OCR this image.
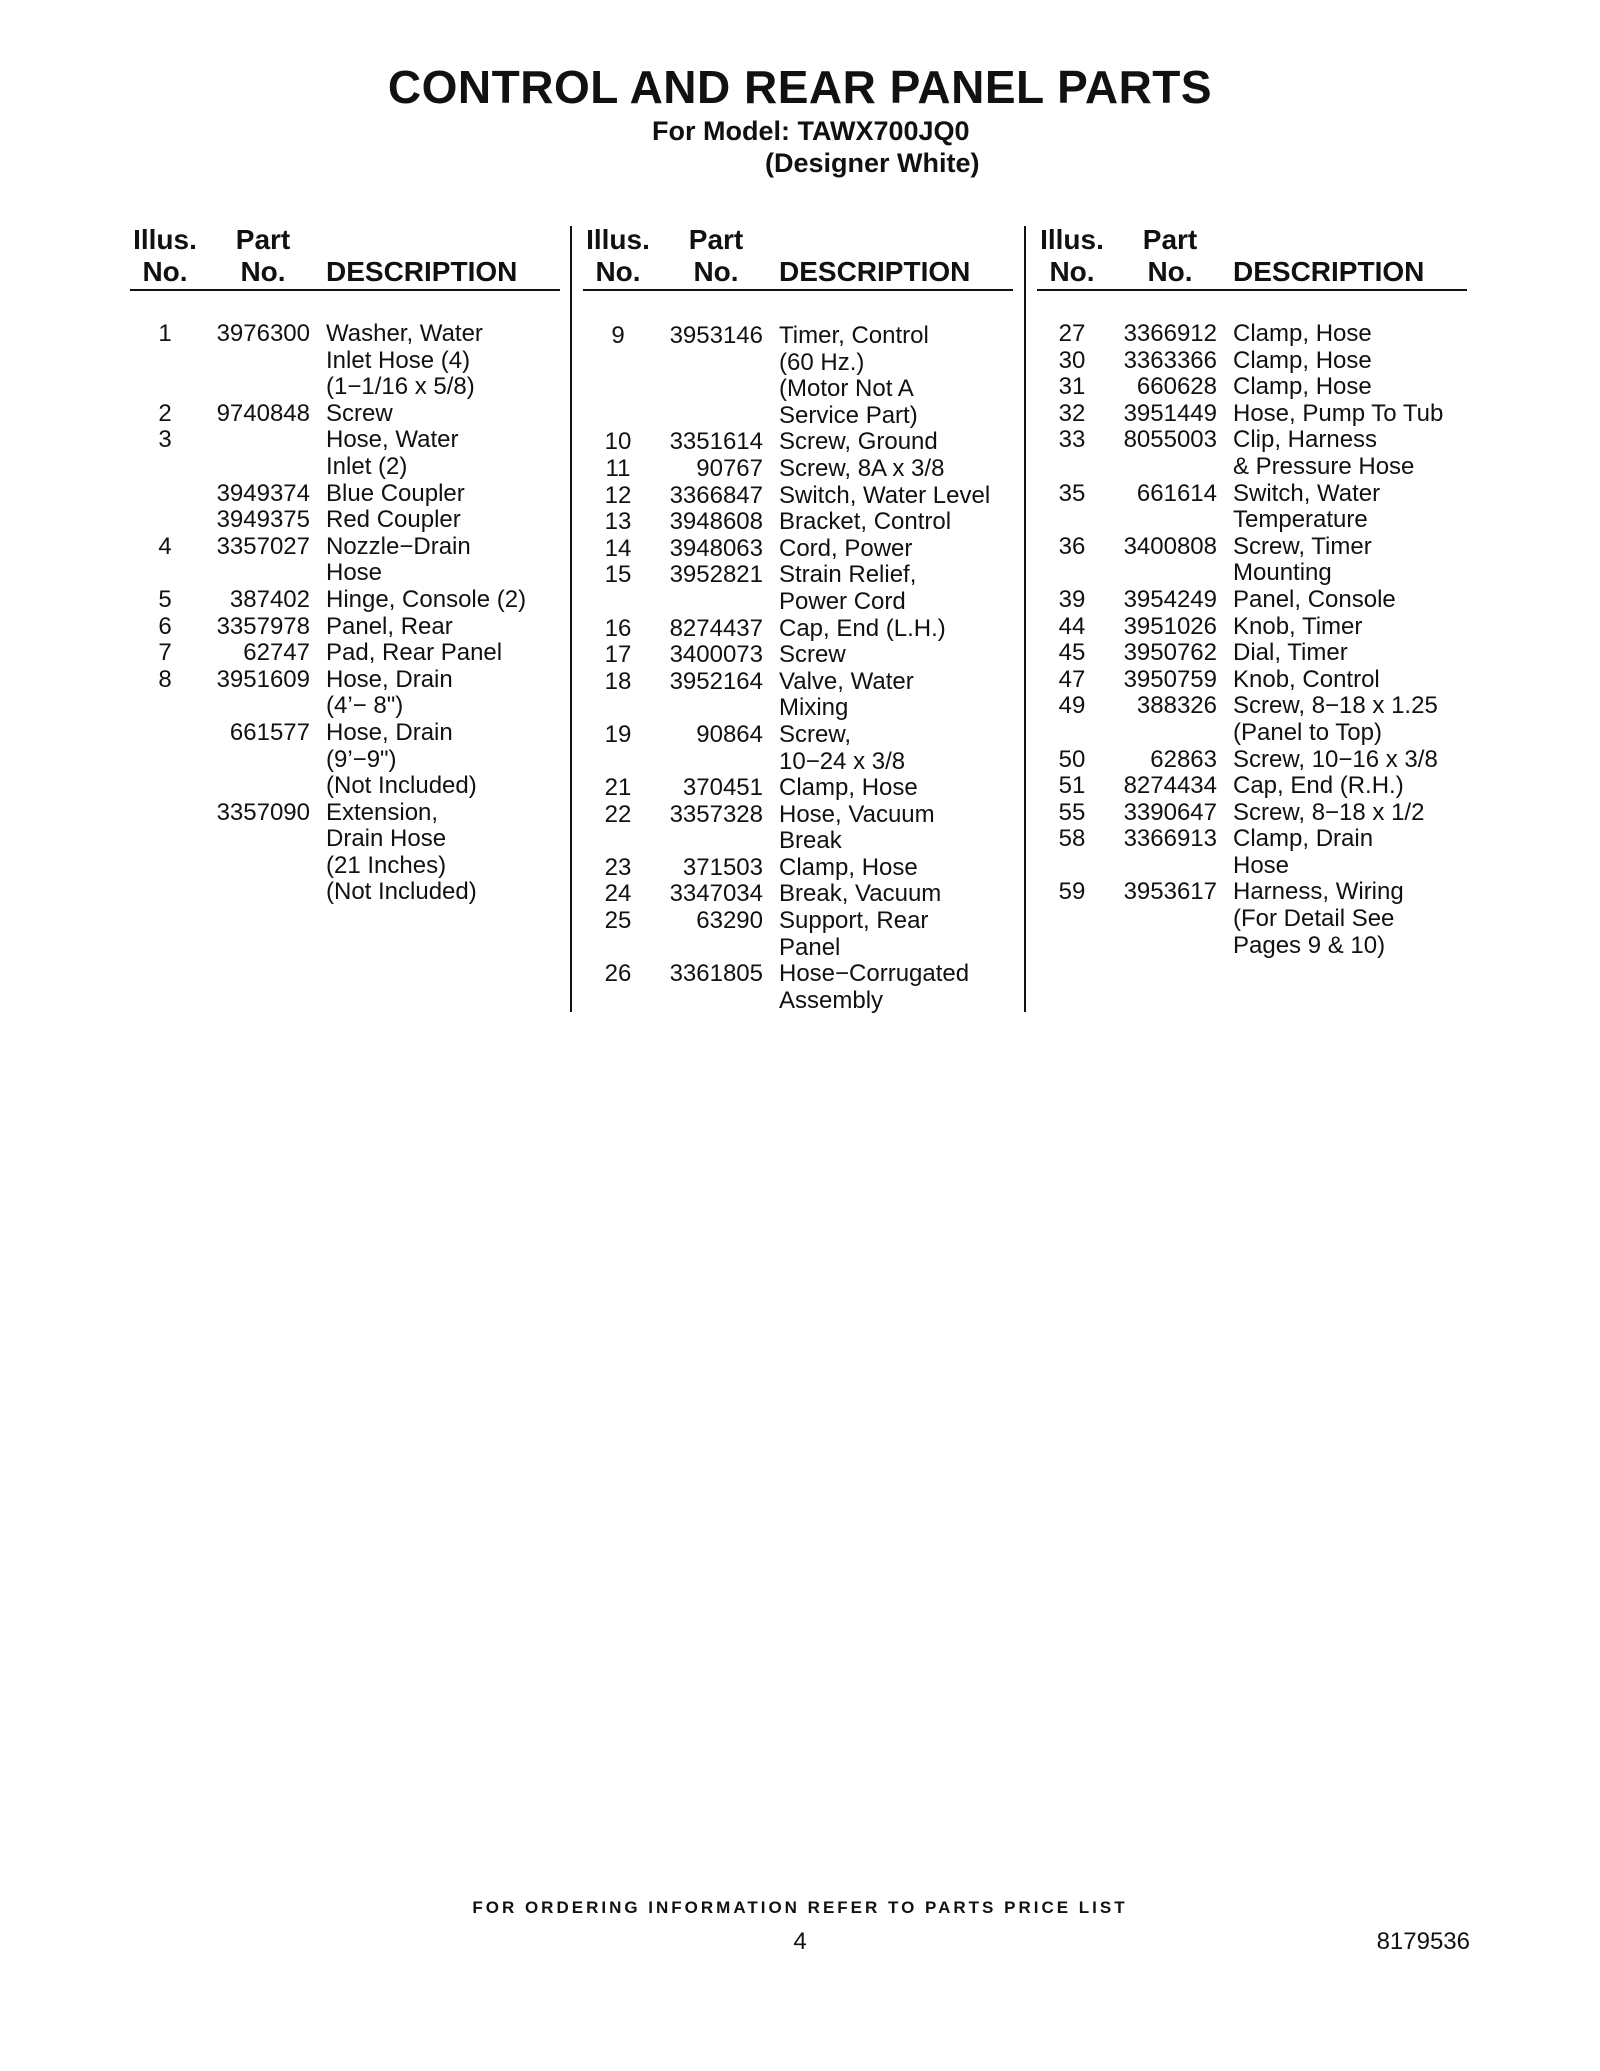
CONTROL AND REAR PANEL PARTS
For Model: TAWX700JQ0
(Designer White)
Illus.
No.
Part
No.	DESCRIPTION
1	3976300 Washer, Water
Inlet Hose (4)
(1−1/16 x 5/8)
2	9740848 Screw
3	Hose, Water
Inlet (2)
3949374 Blue Coupler
3949375 Red Coupler
4	3357027 Nozzle−Drain
Hose
5	387402 Hinge, Console (2)
6	3357978 Panel, Rear
7	62747 Pad, Rear Panel
8	3951609 Hose, Drain
(4’− 8")
661577 Hose, Drain
(9’−9")
(Not Included)
3357090 Extension,
Drain Hose
(21 Inches)
(Not Included)
Illus.
No.
Part
No.	DESCRIPTION
9	3953146 Timer, Control
(60 Hz.)
(Motor Not A
Service Part)
10	3351614 Screw, Ground
11	90767 Screw, 8A x 3/8
12	3366847 Switch, Water Level
13	3948608 Bracket, Control
14	3948063 Cord, Power
15	3952821 Strain Relief,
Power Cord
16	8274437 Cap, End (L.H.)
17	3400073 Screw
18	3952164 Valve, Water
Mixing
19	90864 Screw,
10−24 x 3/8
21	370451 Clamp, Hose
22	3357328 Hose, Vacuum
Break
23	371503 Clamp, Hose
24	3347034 Break, Vacuum
25	63290 Support, Rear
Panel
26	3361805 Hose−Corrugated
Assembly
Illus.
No.
Part
No.	DESCRIPTION
27	3366912 Clamp, Hose
30	3363366 Clamp, Hose
31	660628 Clamp, Hose
32	3951449 Hose, Pump To Tub
33	8055003 Clip, Harness
& Pressure Hose
35	661614 Switch, Water
Temperature
36	3400808 Screw, Timer
Mounting
39	3954249 Panel, Console
44	3951026 Knob, Timer
45	3950762 Dial, Timer
47	3950759 Knob, Control
49	388326 Screw, 8−18 x 1.25
(Panel to Top)
50	62863 Screw, 10−16 x 3/8
51	8274434 Cap, End (R.H.)
55	3390647 Screw, 8−18 x 1/2
58	3366913 Clamp, Drain
Hose
59	3953617 Harness, Wiring
(For Detail See
Pages 9 & 10)
FOR ORDERING INFORMATION REFER TO PARTS PRICE LIST
4	8179536
